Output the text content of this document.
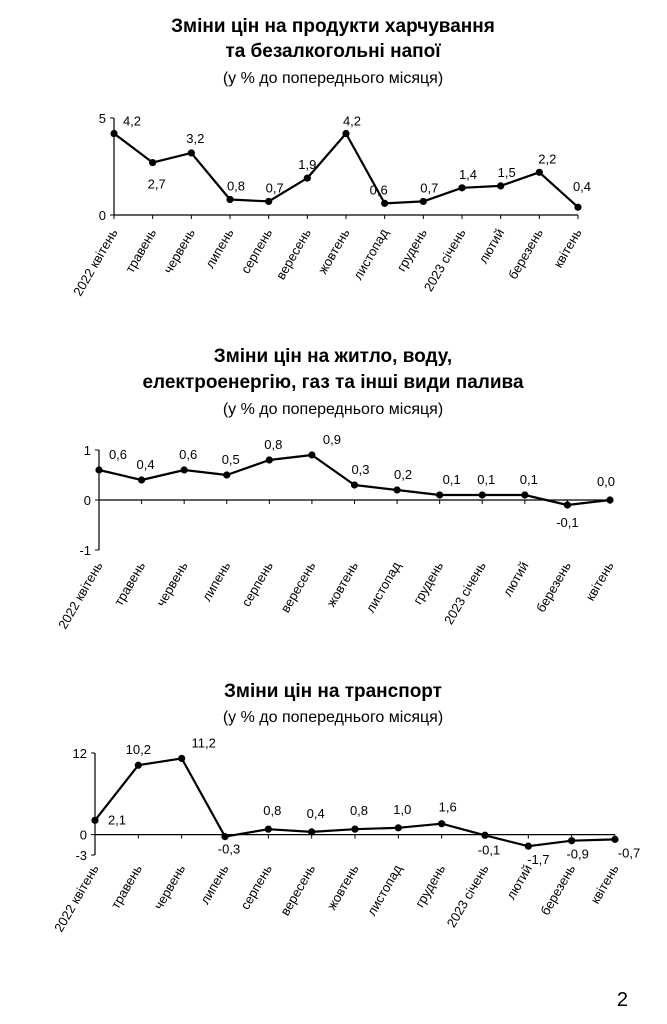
Зміни цін на продукти харчування
та безалкогольні напої
(у % до попереднього місяця)
5
0
2022 квітень травень червень липень серпень
вересень жовтень
листопад грудень
2023 січень лютий
березень квітень
4,2
2,7
3,2
0,8 0,7
1,9
4,2
0,6	0,7
1,4 1,5
2,2
0,4
Зміни цін на житло, воду,
електроенергію, газ та інші види палива
(у % до попереднього місяця)
1
0
-1
2022 квітень травень червень липень серпень вересень жовтень листопад грудень
2023 січень лютий березень квітень
0,6
0,4
0,6 0,5
0,8	0,9
0,3 0,2 0,1 0,1 0,1
-0,1
0,0
Зміни цін на транспорт
(у % до попереднього місяця)
12
0
-3
2022 квітень травень червень липень серпень вересень жовтень листопад грудень
2023 січень лютий березень квітень
2,1
10,2	11,2
-0,3
0,8 0,4 0,8 1,0 1,6
-0,1
-1,7 -0,9 -0,7
2
